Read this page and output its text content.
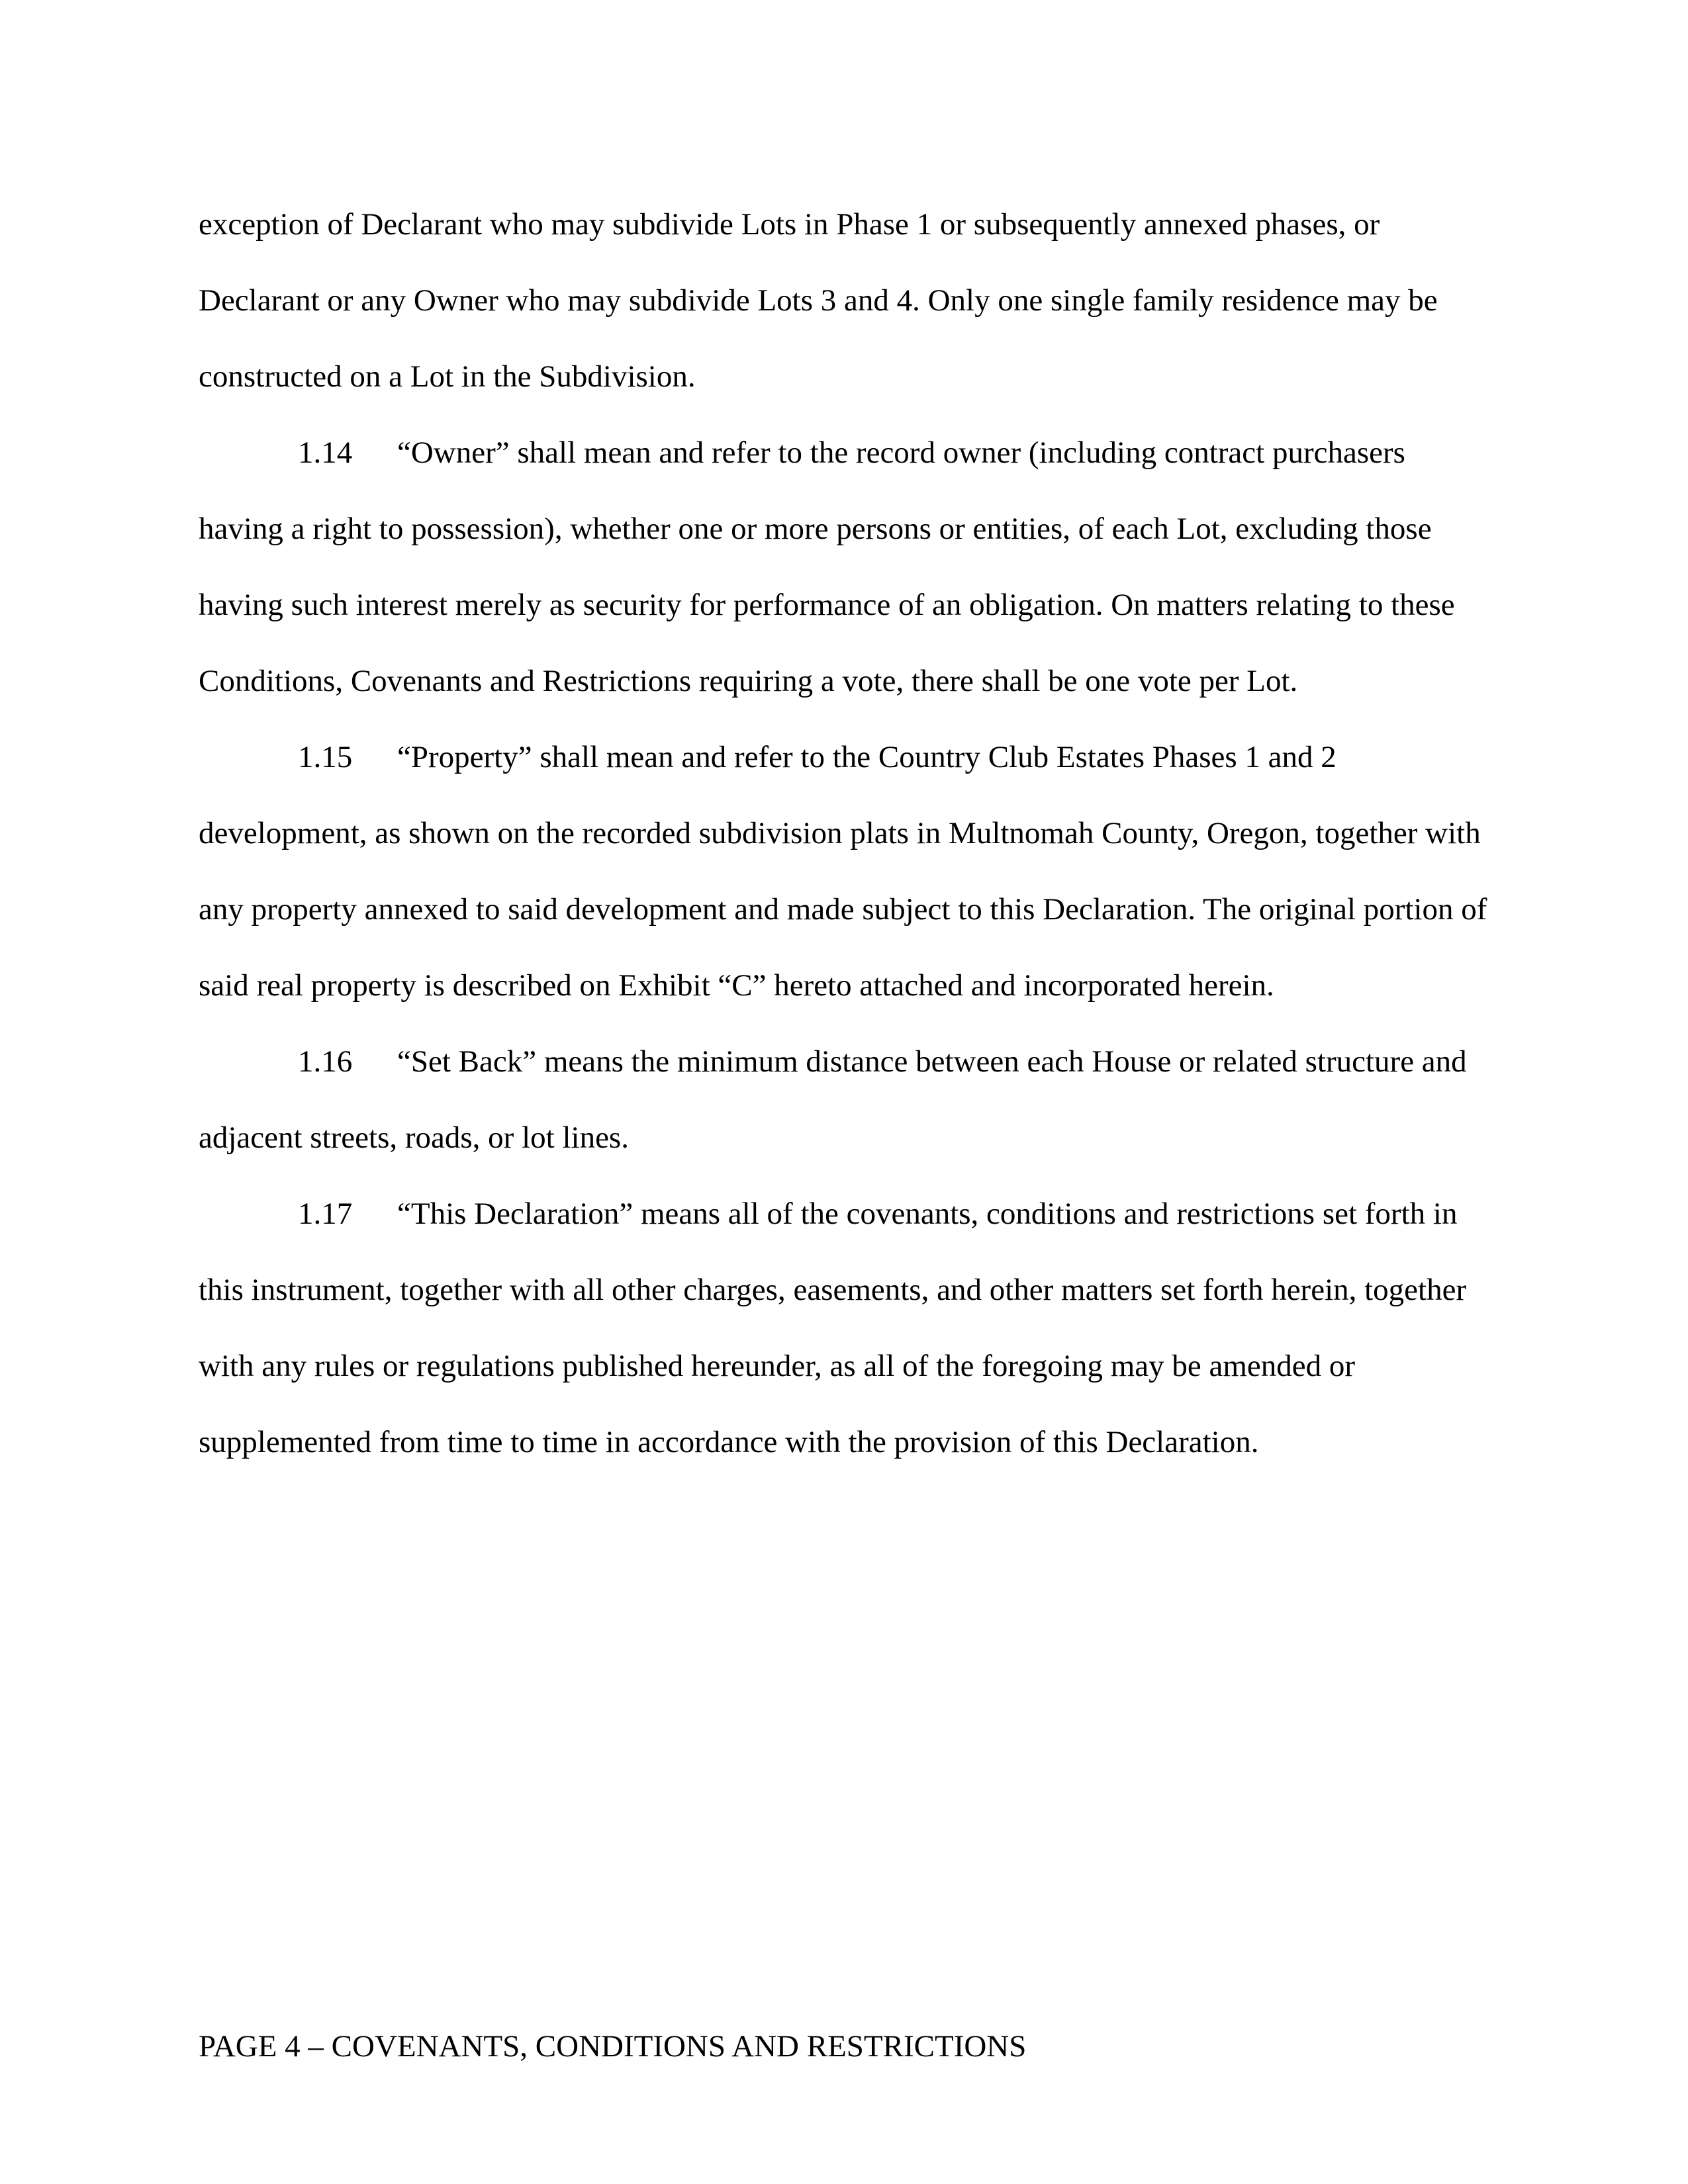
exception of Declarant who may subdivide Lots in Phase 1 or subsequently annexed phases, or Declarant or any Owner who may subdivide Lots 3 and 4. Only one single family residence may be constructed on a Lot in the Subdivision.

1.14 “Owner” shall mean and refer to the record owner (including contract purchasers having a right to possession), whether one or more persons or entities, of each Lot, excluding those having such interest merely as security for performance of an obligation. On matters relating to these Conditions, Covenants and Restrictions requiring a vote, there shall be one vote per Lot.

1.15 “Property” shall mean and refer to the Country Club Estates Phases 1 and 2 development, as shown on the recorded subdivision plats in Multnomah County, Oregon, together with any property annexed to said development and made subject to this Declaration. The original portion of said real property is described on Exhibit “C” hereto attached and incorporated herein.

1.16 “Set Back” means the minimum distance between each House or related structure and adjacent streets, roads, or lot lines.

1.17 “This Declaration” means all of the covenants, conditions and restrictions set forth in this instrument, together with all other charges, easements, and other matters set forth herein, together with any rules or regulations published hereunder, as all of the foregoing may be amended or supplemented from time to time in accordance with the provision of this Declaration.

PAGE 4 – COVENANTS, CONDITIONS AND RESTRICTIONS
